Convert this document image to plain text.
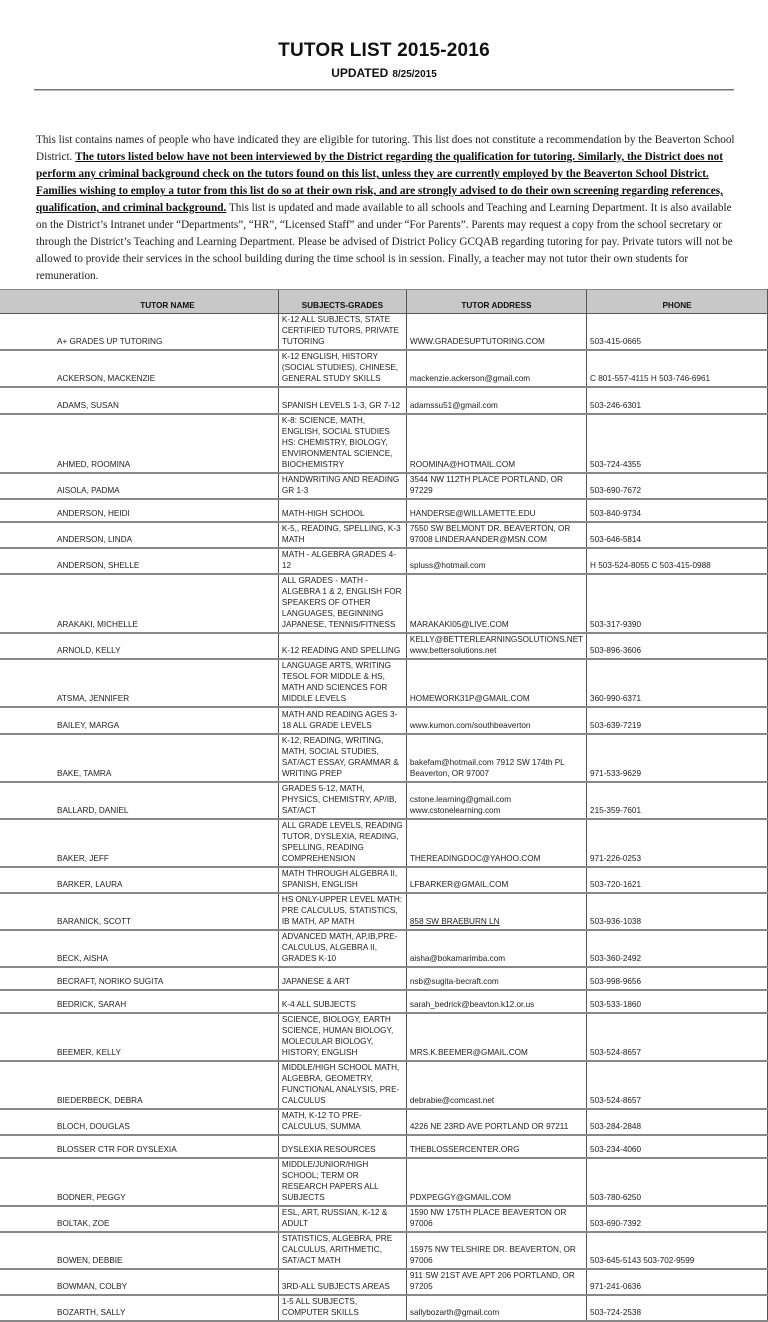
TUTOR LIST 2015-2016
UPDATED 8/25/2015
This list contains names of people who have indicated they are eligible for tutoring. This list does not constitute a recommendation by the Beaverton School District. The tutors listed below have not been interviewed by the District regarding the qualification for tutoring. Similarly, the District does not perform any criminal background check on the tutors found on this list, unless they are currently employed by the Beaverton School District. Families wishing to employ a tutor from this list do so at their own risk, and are strongly advised to do their own screening regarding references, qualification, and criminal background. This list is updated and made available to all schools and Teaching and Learning Department. It is also available on the District’s Intranet under “Departments”, “HR”, “Licensed Staff” and under “For Parents”. Parents may request a copy from the school secretary or through the District’s Teaching and Learning Department. Please be advised of District Policy GCQAB regarding tutoring for pay. Private tutors will not be allowed to provide their services in the school building during the time school is in session. Finally, a teacher may not tutor their own students for remuneration.
TUTOR NAME	SUBJECTS-GRADES	TUTOR ADDRESS	PHONE
A+ GRADES UP TUTORING	K-12 ALL SUBJECTS, STATE CERTIFIED TUTORS, PRIVATE TUTORING	WWW.GRADESUPTUTORING.COM	503-415-0665
ACKERSON, MACKENZIE	K-12 ENGLISH, HISTORY (SOCIAL STUDIES), CHINESE, GENERAL STUDY SKILLS	mackenzie.ackerson@gmail.com	C 801-557-4115 H 503-746-6961
ADAMS, SUSAN	SPANISH LEVELS 1-3, GR 7-12	adamssu51@gmail.com	503-246-6301
AHMED, ROOMINA	K-8: SCIENCE, MATH, ENGLISH, SOCIAL STUDIES HS: CHEMISTRY, BIOLOGY, ENVIRONMENTAL SCIENCE, BIOCHEMISTRY	ROOMINA@HOTMAIL.COM	503-724-4355
AISOLA, PADMA	HANDWRITING AND READING GR 1-3	3544 NW 112TH PLACE PORTLAND, OR 97229	503-690-7672
ANDERSON, HEIDI	MATH-HIGH SCHOOL	HANDERSE@WILLAMETTE.EDU	503-840-9734
ANDERSON, LINDA	K-5,, READING, SPELLING, K-3 MATH	7550 SW BELMONT DR. BEAVERTON, OR 97008 LINDERAANDER@MSN.COM	503-646-5814
ANDERSON, SHELLE	MATH - ALGEBRA GRADES 4-12	spluss@hotmail.com	H 503-524-8055 C 503-415-0988
ARAKAKI, MICHELLE	ALL GRADES - MATH - ALGEBRA 1 & 2, ENGLISH FOR SPEAKERS OF OTHER LANGUAGES, BEGINNING JAPANESE, TENNIS/FITNESS	MARAKAKI05@LIVE.COM	503-317-9390
ARNOLD, KELLY	K-12 READING AND SPELLING	KELLY@BETTERLEARNINGSOLUTIONS.NET www.bettersolutions.net	503-896-3606
ATSMA, JENNIFER	LANGUAGE ARTS, WRITING TESOL FOR MIDDLE & HS, MATH AND SCIENCES FOR MIDDLE LEVELS	HOMEWORK31P@GMAIL.COM	360-990-6371
BAILEY, MARGA	MATH AND READING AGES 3-18 ALL GRADE LEVELS	www.kumon.com/southbeaverton	503-639-7219
BAKE, TAMRA	K-12, READING, WRITING, MATH, SOCIAL STUDIES, SAT/ACT ESSAY, GRAMMAR & WRITING PREP	bakefam@hotmail.com 7912 SW 174th PL Beaverton, OR 97007	971-533-9629
BALLARD, DANIEL	GRADES 5-12, MATH, PHYSICS, CHEMISTRY, AP/IB, SAT/ACT	cstone.learning@gmail.com www.cstonelearning.com	215-359-7601
BAKER, JEFF	ALL GRADE LEVELS, READING TUTOR, DYSLEXIA, READING, SPELLING, READING COMPREHENSION	THEREADINGDOC@YAHOO.COM	971-226-0253
BARKER, LAURA	MATH THROUGH ALGEBRA II, SPANISH, ENGLISH	LFBARKER@GMAIL.COM	503-720-1621
BARANICK, SCOTT	HS ONLY-UPPER LEVEL MATH: PRE CALCULUS, STATISTICS, IB MATH, AP MATH	858 SW BRAEBURN LN	503-936-1038
BECK, AISHA	ADVANCED MATH, AP,IB,PRE-CALCULUS, ALGEBRA II, GRADES K-10	aisha@bokamarimba.com	503-360-2492
BECRAFT, NORIKO SUGITA	JAPANESE & ART	nsb@sugita-becraft.com	503-998-9656
BEDRICK, SARAH	K-4 ALL SUBJECTS	sarah_bedrick@beavton.k12.or.us	503-533-1860
BEEMER, KELLY	SCIENCE, BIOLOGY, EARTH SCIENCE, HUMAN BIOLOGY, MOLECULAR BIOLOGY, HISTORY, ENGLISH	MRS.K.BEEMER@GMAIL.COM	503-524-8657
BIEDERBECK, DEBRA	MIDDLE/HIGH SCHOOL MATH, ALGEBRA, GEOMETRY, FUNCTIONAL ANALYSIS, PRE-CALCULUS	debrabie@comcast.net	503-524-8657
BLOCH, DOUGLAS	MATH, K-12 TO PRE-CALCULUS, SUMMA	4226 NE 23RD AVE PORTLAND OR 97211	503-284-2848
BLOSSER CTR FOR DYSLEXIA	DYSLEXIA RESOURCES	THEBLOSSERCENTER.ORG	503-234-4060
BODNER, PEGGY	MIDDLE/JUNIOR/HIGH SCHOOL; TERM OR RESEARCH PAPERS ALL SUBJECTS	PDXPEGGY@GMAIL.COM	503-780-6250
BOLTAK, ZOE	ESL, ART, RUSSIAN, K-12 & ADULT	1590 NW 175TH PLACE BEAVERTON OR 97006	503-690-7392
BOWEN, DEBBIE	STATISTICS, ALGEBRA, PRE CALCULUS, ARITHMETIC, SAT/ACT MATH	15975 NW TELSHIRE DR. BEAVERTON, OR 97006	503-645-5143 503-702-9599
BOWMAN, COLBY	3RD-ALL SUBJECTS AREAS	911 SW 21ST AVE APT 206 PORTLAND, OR 97205	971-241-0636
BOZARTH, SALLY	1-5 ALL SUBJECTS, COMPUTER SKILLS	sallybozarth@gmail.com	503-724-2538
